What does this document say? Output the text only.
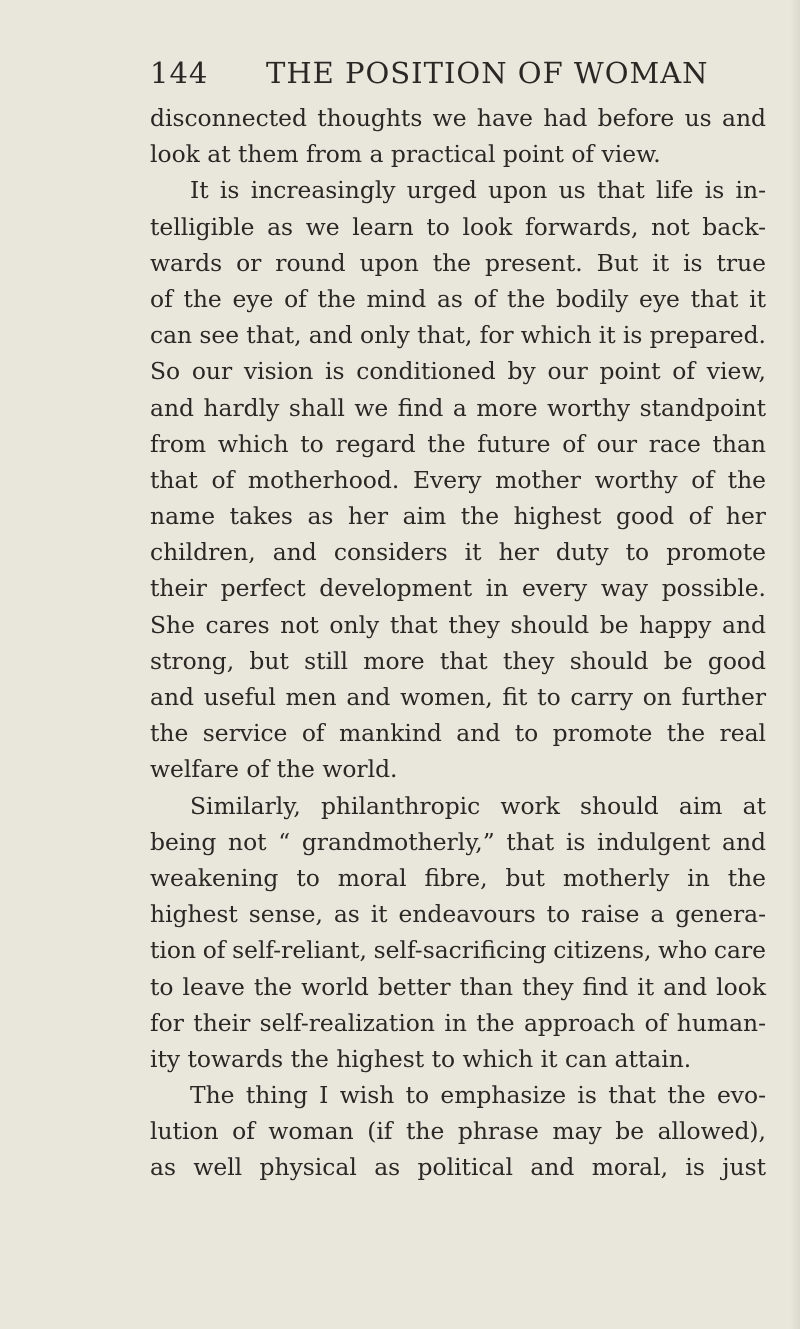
144 THE POSITION OF WOMAN
disconnected thoughts we have had before us and
look at them from a practical point of view.
It is increasingly urged upon us that life is in-
telligible as we learn to look forwards, not back-
wards or round upon the present. But it is true
of the eye of the mind as of the bodily eye that it
can see that, and only that, for which it is prepared.
So our vision is conditioned by our point of view,
and hardly shall we find a more worthy standpoint
from which to regard the future of our race than
that of motherhood. Every mother worthy of the
name takes as her aim the highest good of her
children, and considers it her duty to promote
their perfect development in every way possible.
She cares not only that they should be happy and
strong, but still more that they should be good
and useful men and women, fit to carry on further
the service of mankind and to promote the real
welfare of the world.
Similarly, philanthropic work should aim at
being not “ grandmotherly,” that is indulgent and
weakening to moral fibre, but motherly in the
highest sense, as it endeavours to raise a genera-
tion of self-reliant, self-sacrificing citizens, who care
to leave the world better than they find it and look
for their self-realization in the approach of human-
ity towards the highest to which it can attain.
The thing I wish to emphasize is that the evo-
lution of woman (if the phrase may be allowed),
as well physical as political and moral, is just
